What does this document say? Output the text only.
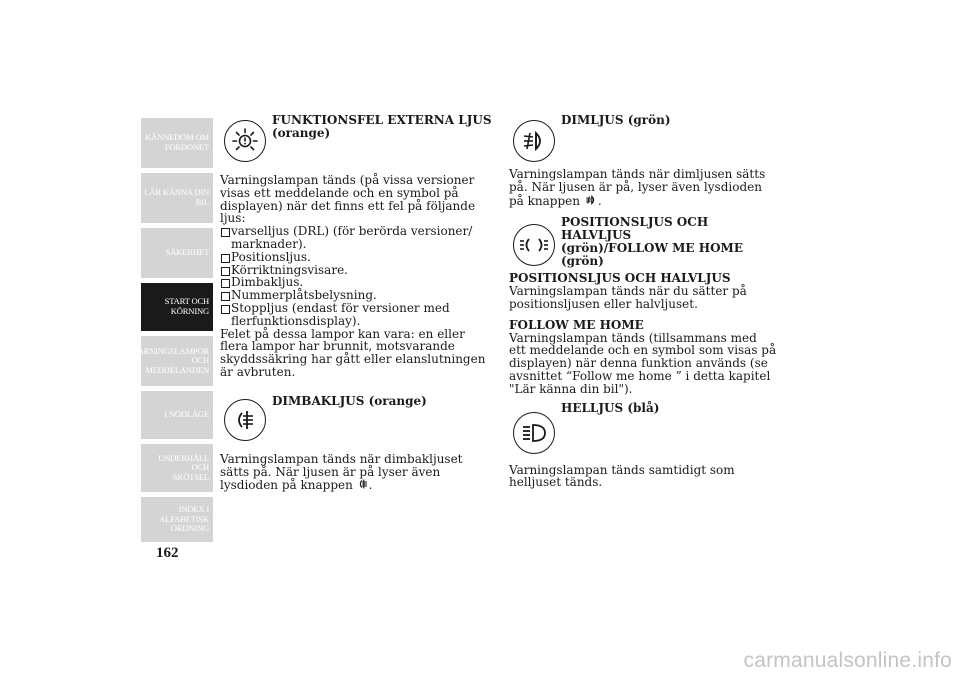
KÄNNEDOM OM
FORDONET
LÄR KÄNNA DIN
BIL
SÄKERHET
START OCH
KÖRNING
VARNINGSLAMPOR
OCH
MEDDELANDEN
I NÖDLÄGE
UNDERHÅLL OCH
SKÖTSEL
INDEX I
ALFABETISK
ORDNING
162
FUNKTIONSFEL EXTERNA LJUS
(orange)

Varningslampan tänds (på vissa versioner visas ett meddelande och en symbol på displayen) när det finns ett fel på följande ljus:

varselljus (DRL) (för berörda versioner/ marknader).
Positionsljus.
Körriktningsvisare.
Dimbakljus.
Nummerplåtsbelysning.
Stoppljus (endast för versioner med flerfunktionsdisplay).

Felet på dessa lampor kan vara: en eller flera lampor har brunnit, motsvarande skyddssäkring har gått eller elanslutningen är avbruten.

DIMBAKLJUS (orange)

Varningslampan tänds när dimbakljuset sätts på. När ljusen är på lyser även lysdioden på knappen .

DIMLJUS (grön)

Varningslampan tänds när dimljusen sätts på. När ljusen är på, lyser även lysdioden på knappen .

POSITIONSLJUS OCH HALVLJUS
(grön)/FOLLOW ME HOME (grön)

POSITIONSLJUS OCH HALVLJUS

Varningslampan tänds när du sätter på positionsljusen eller halvljuset.

FOLLOW ME HOME

Varningslampan tänds (tillsammans med ett meddelande och en symbol som visas på displayen) när denna funktion används (se avsnittet “Follow me home ” i detta kapitel "Lär känna din bil").

HELLJUS (blå)

Varningslampan tänds samtidigt som helljuset tänds.

carmanualsonline.info
